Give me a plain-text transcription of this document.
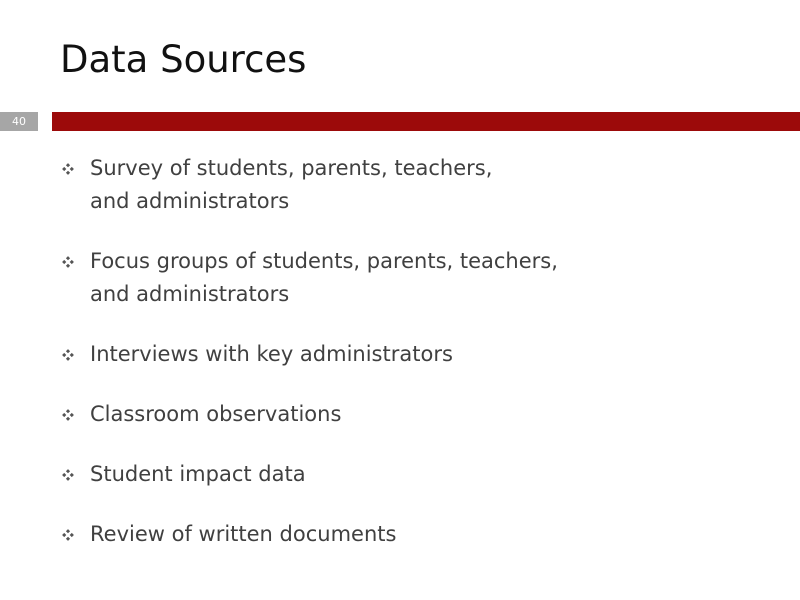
Data Sources
40
Survey of students, parents, teachers,
and administrators
Focus groups of students, parents, teachers,
and administrators
Interviews with key administrators
Classroom observations
Student impact data
Review of written documents
